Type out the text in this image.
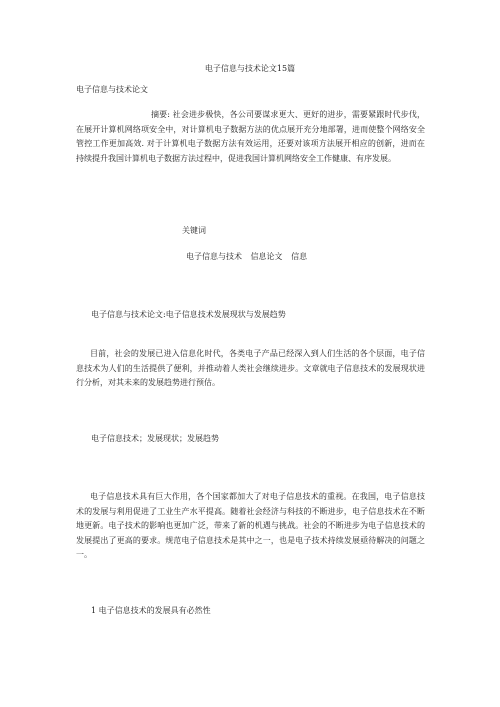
电子信息与技术论文15篇
电子信息与技术论文
摘要: 社会进步极快，各公司要谋求更大、更好的进步，需要紧跟时代步伐，在展开计算机网络项安全中，对计算机电子数据方法的优点展开充分地部署，进而使整个网络安全管控工作更加高效. 对于计算机电子数据方法有效运用，还要对该项方法展开相应的创新，进而在持续提升我国计算机电子数据方法过程中，促进我国计算机网络安全工作健康、有序发展。
关键词
电子信息与技术 信息论文 信息
电子信息与技术论文:电子信息技术发展现状与发展趋势
目前，社会的发展已进入信息化时代，各类电子产品已经深入到人们生活的各个层面，电子信息技术为人们的生活提供了便利，并推动着人类社会继续进步。文章就电子信息技术的发展现状进行分析，对其未来的发展趋势进行预估。
电子信息技术；发展现状；发展趋势
电子信息技术具有巨大作用，各个国家都加大了对电子信息技术的重视。在我国，电子信息技术的发展与利用促进了工业生产水平提高。随着社会经济与科技的不断进步，电子信息技术在不断地更新。电子技术的影响也更加广泛，带来了新的机遇与挑战。社会的不断进步为电子信息技术的发展提出了更高的要求。规范电子信息技术是其中之一，也是电子技术持续发展亟待解决的问题之一。
1 电子信息技术的发展具有必然性
